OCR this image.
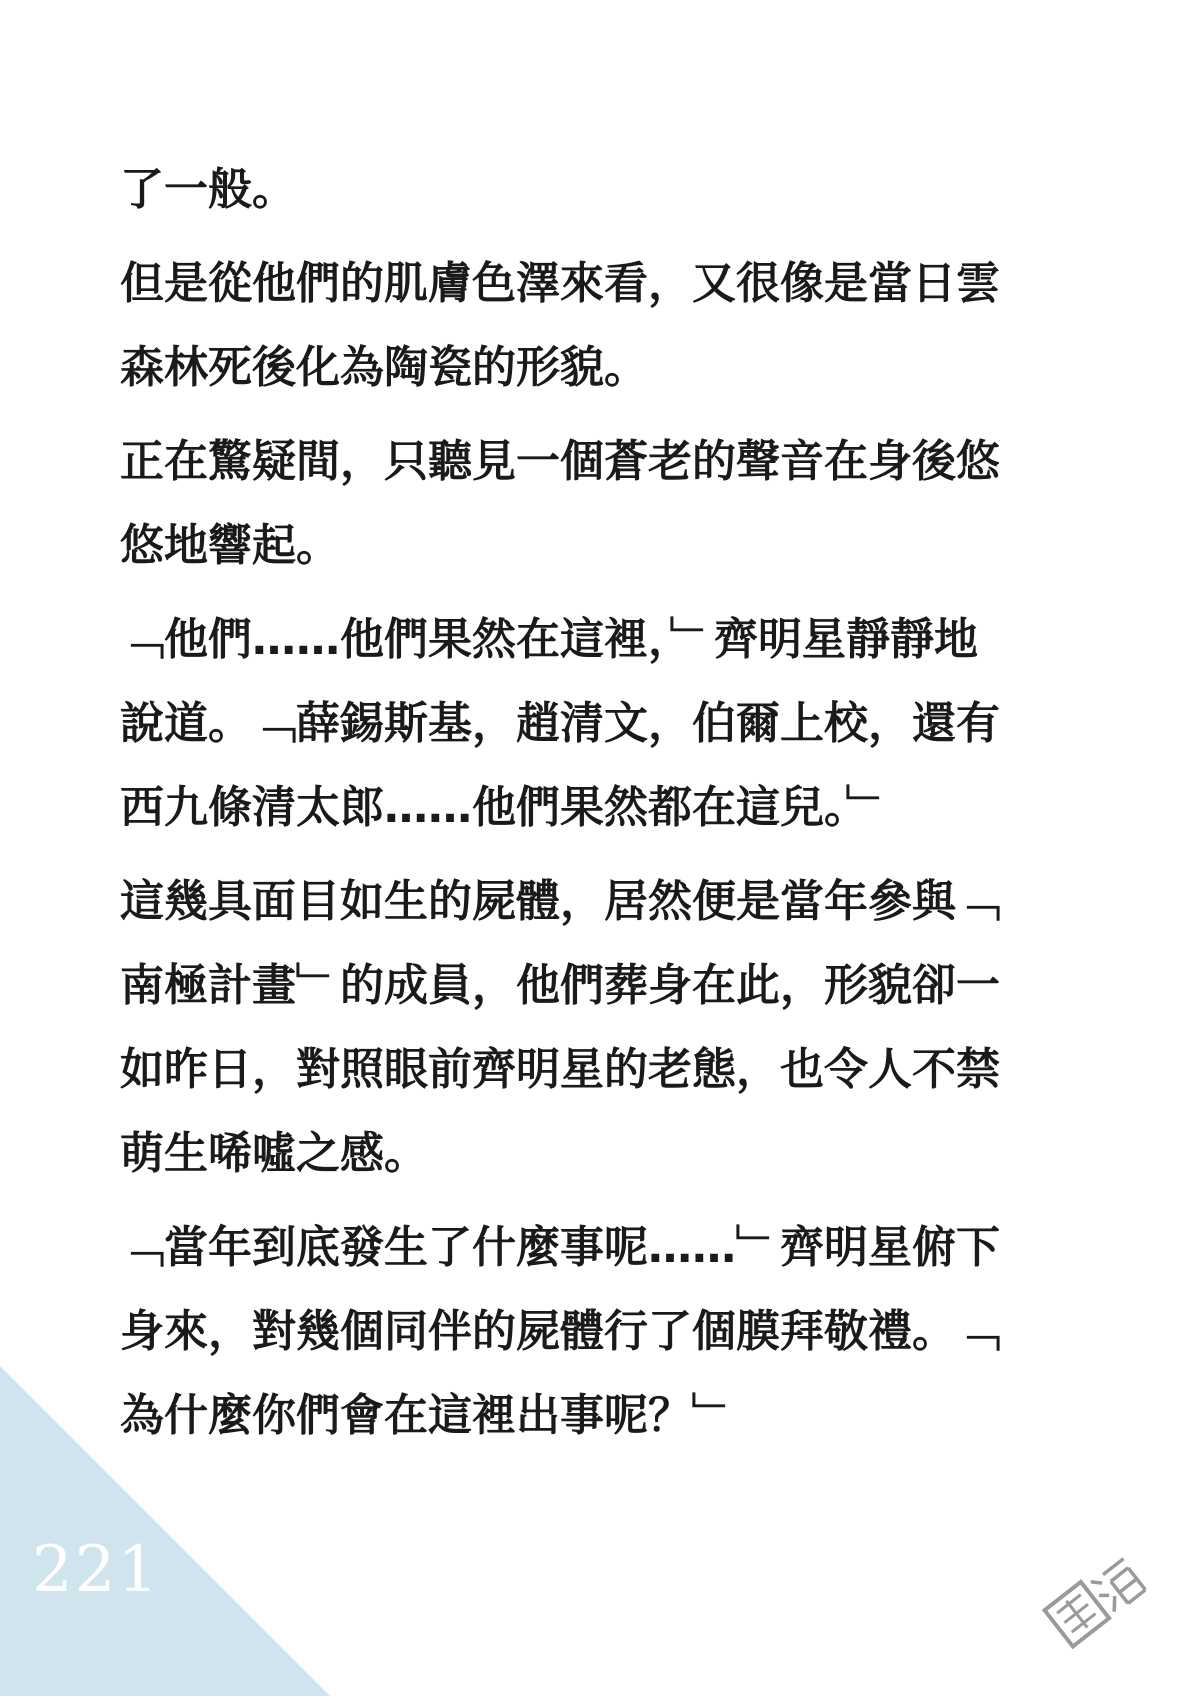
221
了一般。
但是從他們的肌膚色澤來看，又很像是當日雲
森林死後化為陶瓷的形貌。
正在驚疑間，只聽見一個蒼老的聲音在身後悠
悠地響起。
﹁他們……他們果然在這裡，﹂齊明星靜靜地
說道。﹁薛錫斯基，趙清文，伯爾上校，還有
西九條清太郎……他們果然都在這兒。﹂
這幾具面目如生的屍體，居然便是當年參與﹁
南極計畫﹂的成員，他們葬身在此，形貌卻一
如昨日，對照眼前齊明星的老態，也令人不禁
萌生唏噓之感。
﹁當年到底發生了什麼事呢……﹂齊明星俯下
身來，對幾個同伴的屍體行了個膜拜敬禮。﹁
為什麼你們會在這裡出事呢？﹂
